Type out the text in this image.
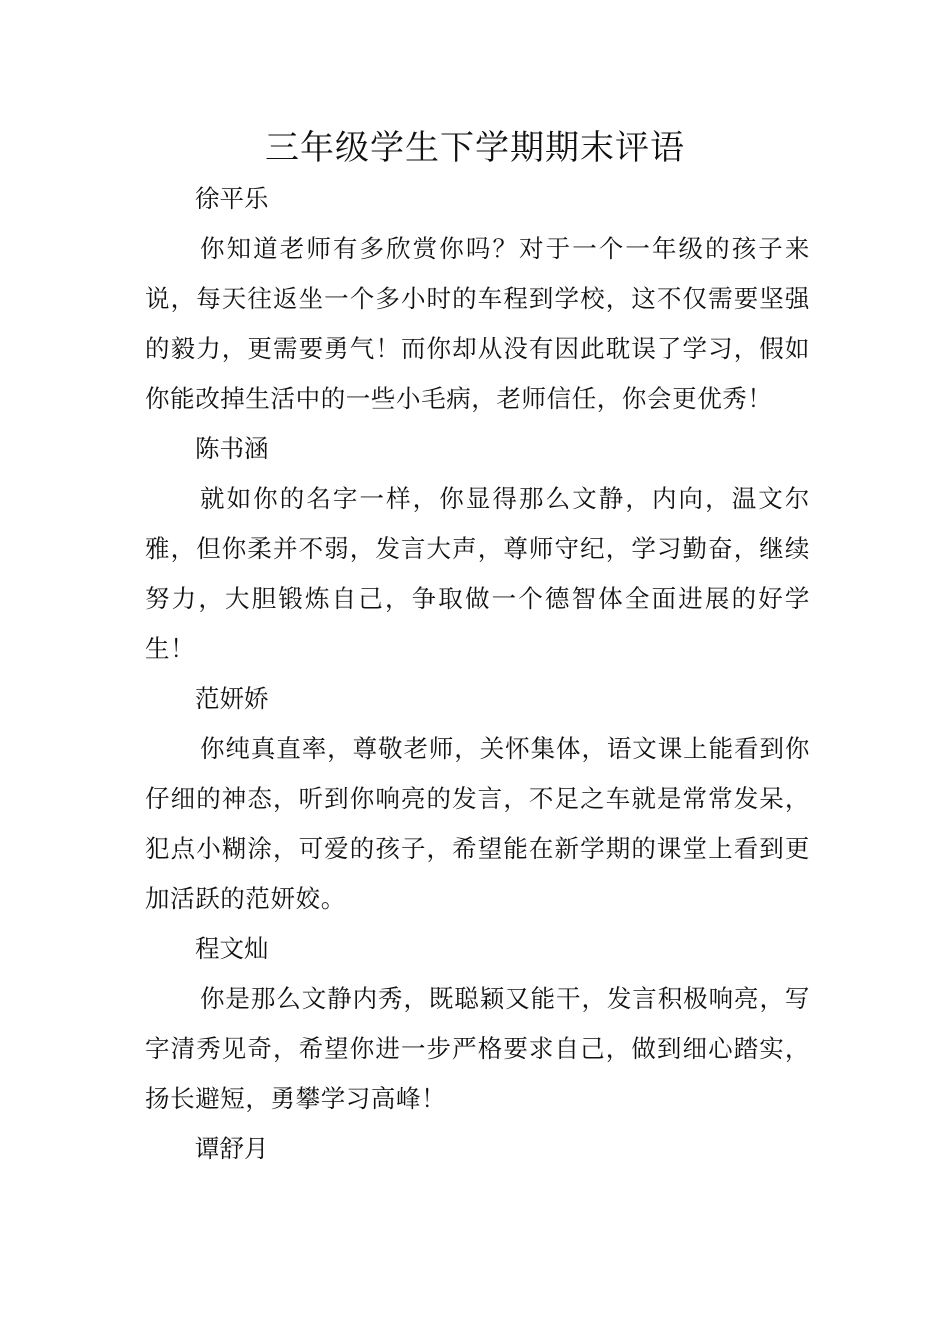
三年级学生下学期期末评语

徐平乐

你知道老师有多欣赏你吗？对于一个一年级的孩子来说，每天往返坐一个多小时的车程到学校，这不仅需要坚强的毅力，更需要勇气！而你却从没有因此耽误了学习，假如你能改掉生活中的一些小毛病，老师信任，你会更优秀！

陈书涵

就如你的名字一样，你显得那么文静，内向，温文尔雅，但你柔并不弱，发言大声，尊师守纪，学习勤奋，继续努力，大胆锻炼自己，争取做一个德智体全面进展的好学生！

范妍娇

你纯真直率，尊敬老师，关怀集体，语文课上能看到你仔细的神态，听到你响亮的发言，不足之车就是常常发呆，犯点小糊涂，可爱的孩子，希望能在新学期的课堂上看到更加活跃的范妍姣。

程文灿

你是那么文静内秀，既聪颖又能干，发言积极响亮，写字清秀见奇，希望你进一步严格要求自己，做到细心踏实，扬长避短，勇攀学习高峰！

谭舒月
